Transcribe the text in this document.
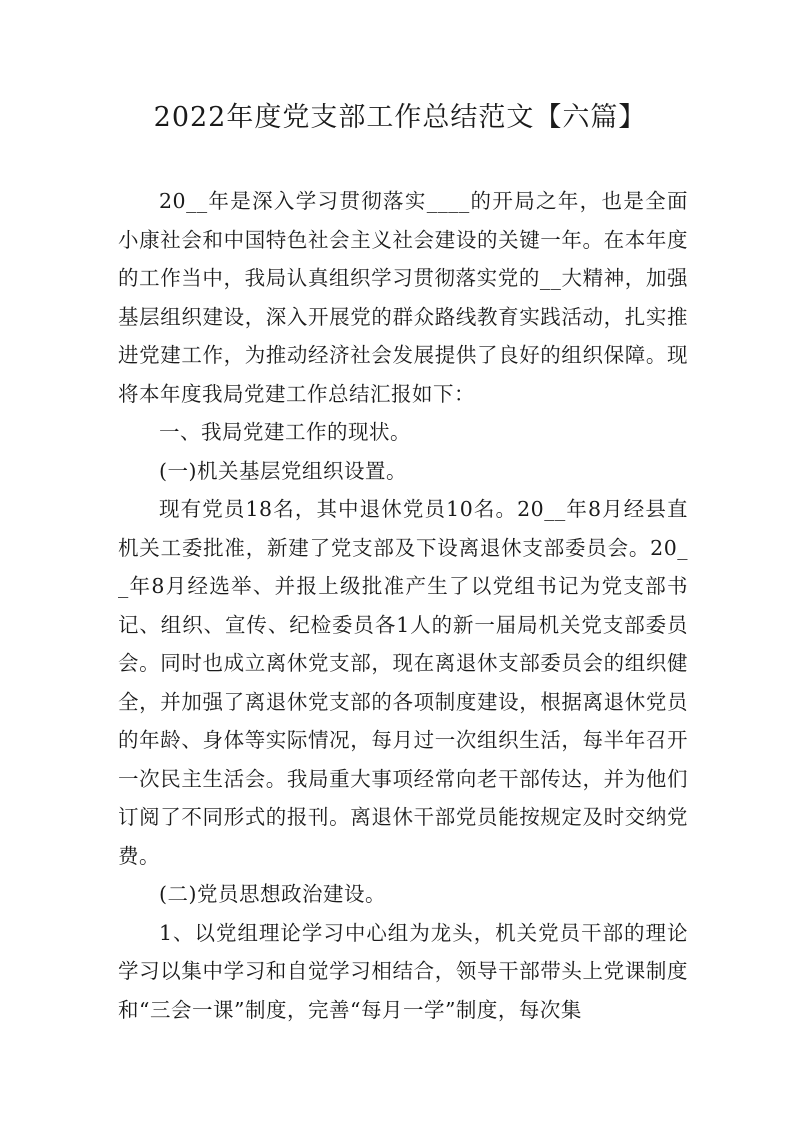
2022年度党支部工作总结范文【六篇】

20__年是深入学习贯彻落实____的开局之年，也是全面小康社会和中国特色社会主义社会建设的关键一年。在本年度的工作当中，我局认真组织学习贯彻落实党的__大精神，加强基层组织建设，深入开展党的群众路线教育实践活动，扎实推进党建工作，为推动经济社会发展提供了良好的组织保障。现将本年度我局党建工作总结汇报如下：

一、我局党建工作的现状。

(一)机关基层党组织设置。

现有党员18名，其中退休党员10名。20__年8月经县直机关工委批准，新建了党支部及下设离退休支部委员会。20__年8月经选举、并报上级批准产生了以党组书记为党支部书记、组织、宣传、纪检委员各1人的新一届局机关党支部委员会。同时也成立离休党支部，现在离退休支部委员会的组织健全，并加强了离退休党支部的各项制度建设，根据离退休党员的年龄、身体等实际情况，每月过一次组织生活，每半年召开一次民主生活会。我局重大事项经常向老干部传达，并为他们订阅了不同形式的报刊。离退休干部党员能按规定及时交纳党费。

(二)党员思想政治建设。

1、以党组理论学习中心组为龙头，机关党员干部的理论学习以集中学习和自觉学习相结合，领导干部带头上党课制度和“三会一课”制度，完善“每月一学”制度，每次集
